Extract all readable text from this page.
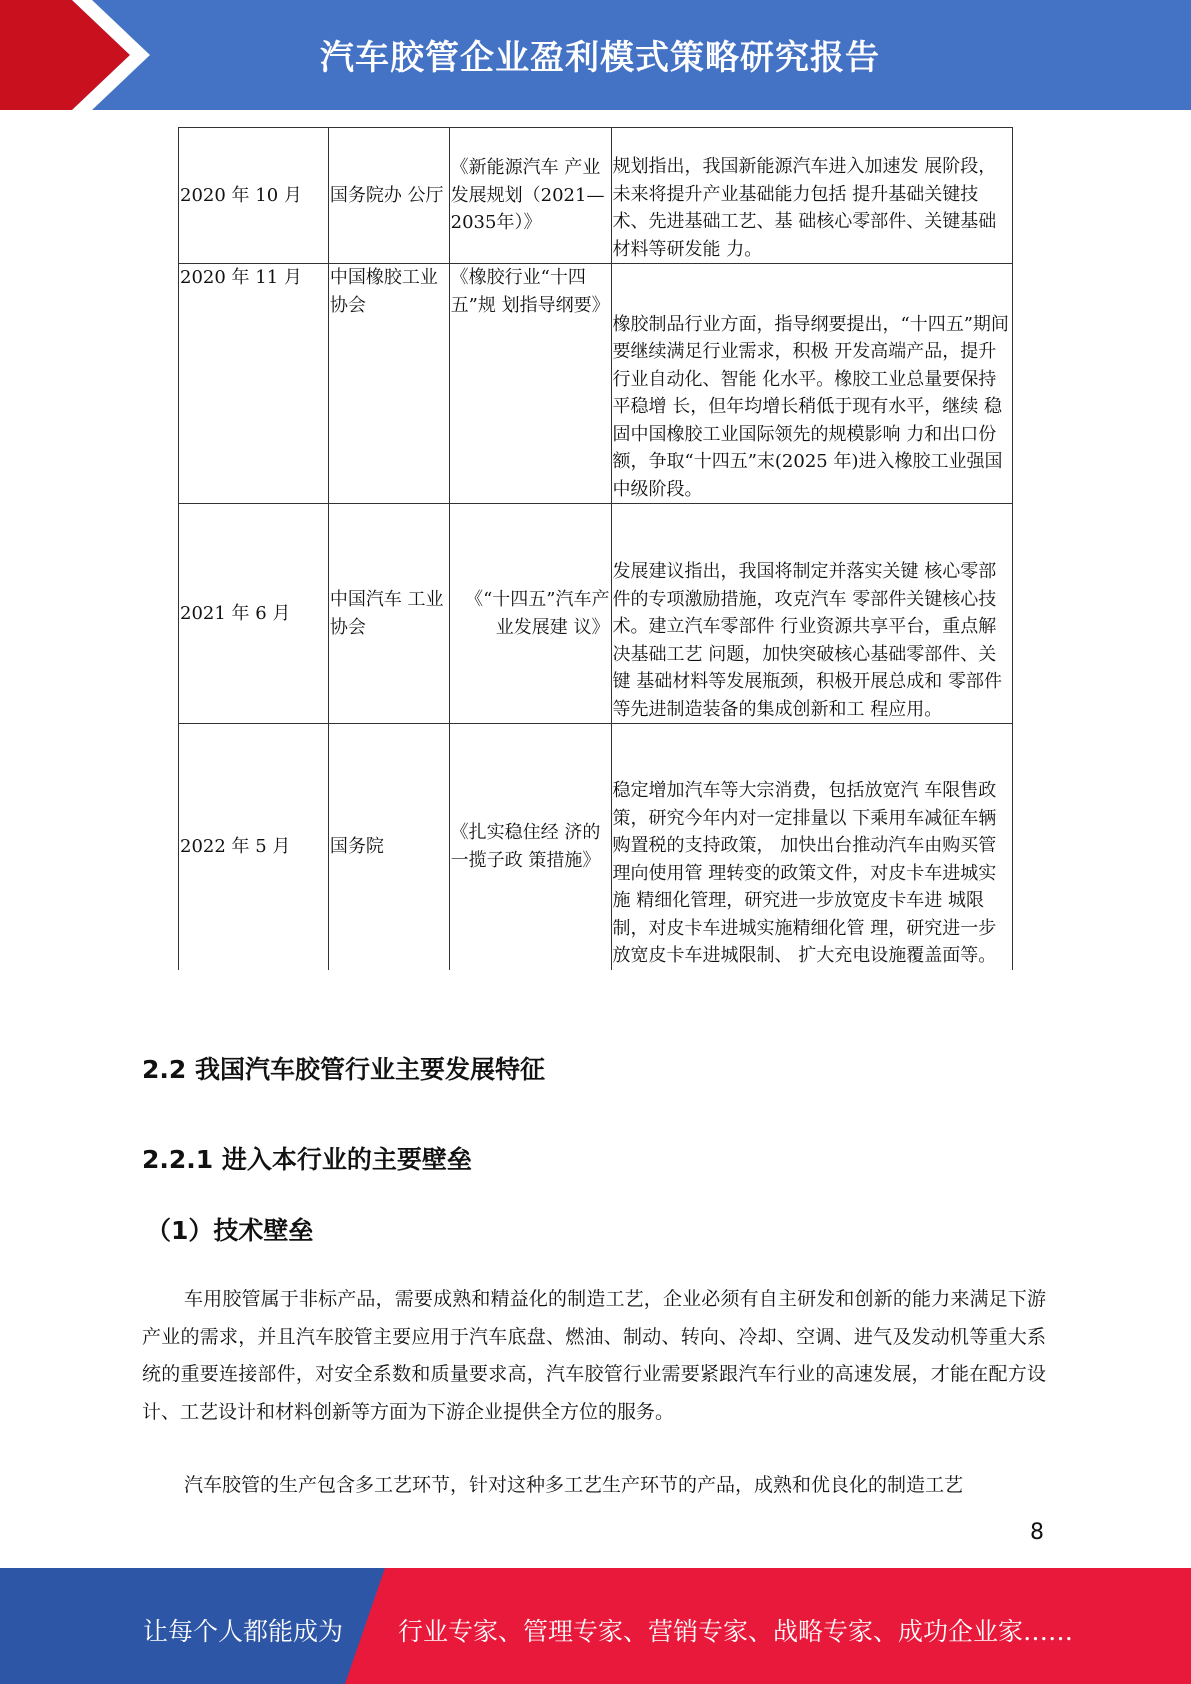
汽车胶管企业盈利模式策略研究报告
2020 年 10 月	国务院办 公厅	《新能源汽车 产业发展规划（2021—2035年）》	规划指出，我国新能源汽车进入加速发 展阶段，未来将提升产业基础能力包括 提升基础关键技术、先进基础工艺、基 础核心零部件、关键基础材料等研发能 力。
2020 年 11 月	中国橡胶工业协会	《橡胶行业“十四五”规 划指导纲要》	橡胶制品行业方面，指导纲要提出，“十四五”期间要继续满足行业需求，积极 开发高端产品，提升行业自动化、智能 化水平。橡胶工业总量要保持平稳增 长，但年均增长稍低于现有水平，继续 稳固中国橡胶工业国际领先的规模影响 力和出口份额，争取“十四五”末(2025 年)进入橡胶工业强国中级阶段。
2021 年 6 月	中国汽车 工业协会	《“十四五”汽车产业发展建 议》	发展建议指出，我国将制定并落实关键 核心零部件的专项激励措施，攻克汽车 零部件关键核心技术。建立汽车零部件 行业资源共享平台，重点解决基础工艺 问题，加快突破核心基础零部件、关键 基础材料等发展瓶颈，积极开展总成和 零部件等先进制造装备的集成创新和工 程应用。
2022 年 5 月	国务院	《扎实稳住经 济的一揽子政 策措施》	稳定增加汽车等大宗消费，包括放宽汽 车限售政策，研究今年内对一定排量以 下乘用车减征车辆购置税的支持政策， 加快出台推动汽车由购买管理向使用管 理转变的政策文件，对皮卡车进城实施 精细化管理，研究进一步放宽皮卡车进 城限制，对皮卡车进城实施精细化管 理，研究进一步放宽皮卡车进城限制、 扩大充电设施覆盖面等。
2.2 我国汽车胶管行业主要发展特征
2.2.1 进入本行业的主要壁垒
（1）技术壁垒
车用胶管属于非标产品，需要成熟和精益化的制造工艺，企业必须有自主研发和创新的能力来满足下游产业的需求，并且汽车胶管主要应用于汽车底盘、燃油、制动、转向、冷却、空调、进气及发动机等重大系统的重要连接部件，对安全系数和质量要求高，汽车胶管行业需要紧跟汽车行业的高速发展，才能在配方设计、工艺设计和材料创新等方面为下游企业提供全方位的服务。
汽车胶管的生产包含多工艺环节，针对这种多工艺生产环节的产品，成熟和优良化的制造工艺
8
让每个人都能成为 行业专家、管理专家、营销专家、战略专家、成功企业家……
